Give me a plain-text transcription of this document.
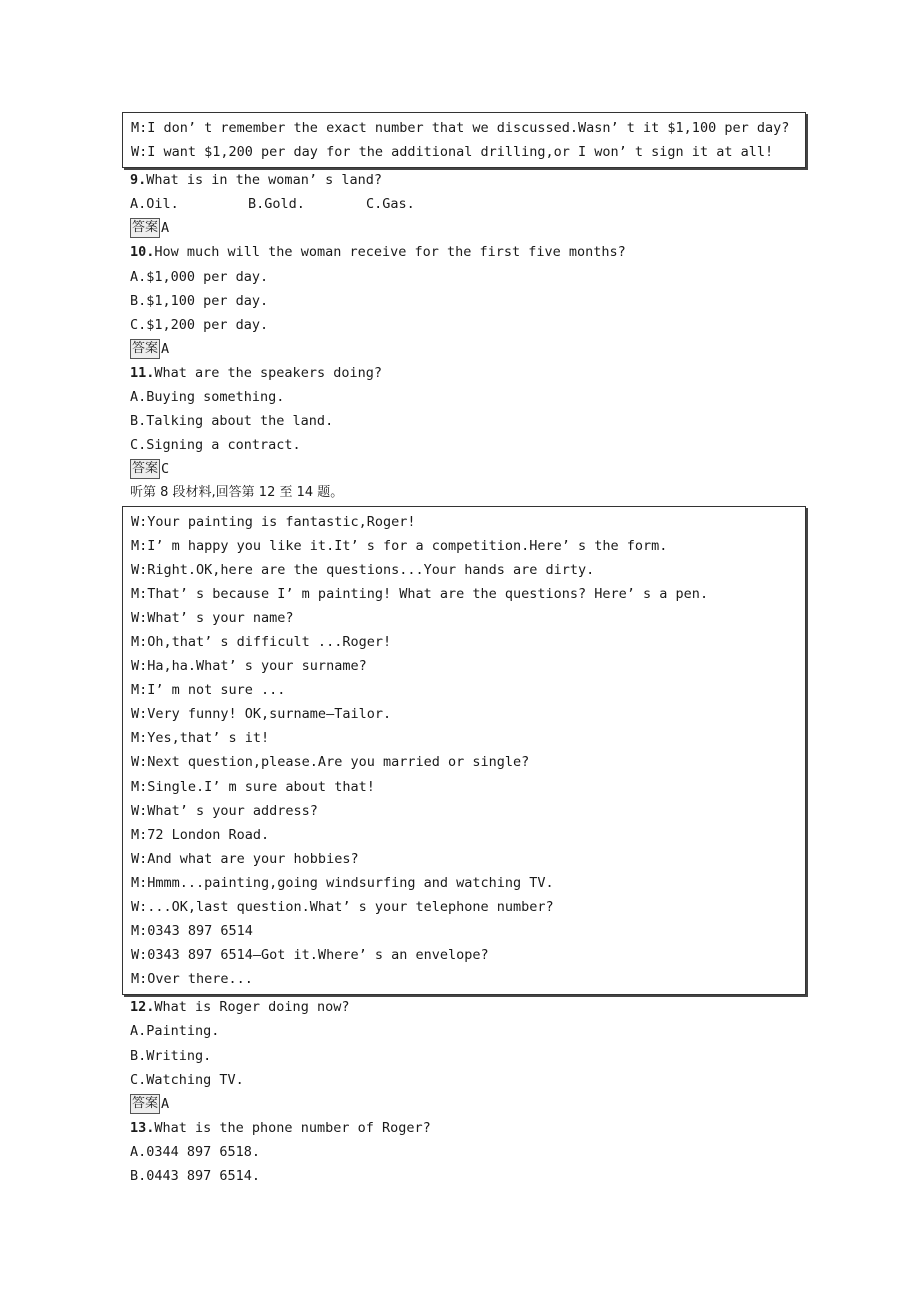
M:I don’ t remember the exact number that we discussed.Wasn’ t it $1,100 per day?
W:I want $1,200 per day for the additional drilling,or I won’ t sign it at all!
9.What is in the woman’ s land?
A.Oil.	B.Gold.	C.Gas.
答案 A
10.How much will the woman receive for the first five months?
A.$1,000 per day.
B.$1,100 per day.
C.$1,200 per day.
答案 A
11.What are the speakers doing?
A.Buying something.
B.Talking about the land.
C.Signing a contract.
答案 C
听第 8 段材料,回答第 12 至 14 题。
W:Your painting is fantastic,Roger!
M:I’ m happy you like it.It’ s for a competition.Here’ s the form.
W:Right.OK,here are the questions...Your hands are dirty.
M:That’ s because I’ m painting! What are the questions? Here’ s a pen.
W:What’ s your name?
M:Oh,that’ s difficult ...Roger!
W:Ha,ha.What’ s your surname?
M:I’ m not sure ...
W:Very funny! OK,surname—Tailor.
M:Yes,that’ s it!
W:Next question,please.Are you married or single?
M:Single.I’ m sure about that!
W:What’ s your address?
M:72 London Road.
W:And what are your hobbies?
M:Hmmm...painting,going windsurfing and watching TV.
W:...OK,last question.What’ s your telephone number?
M:0343 897 6514
W:0343 897 6514—Got it.Where’ s an envelope?
M:Over there...
12.What is Roger doing now?
A.Painting.
B.Writing.
C.Watching TV.
答案 A
13.What is the phone number of Roger?
A.0344 897 6518.
B.0443 897 6514.
